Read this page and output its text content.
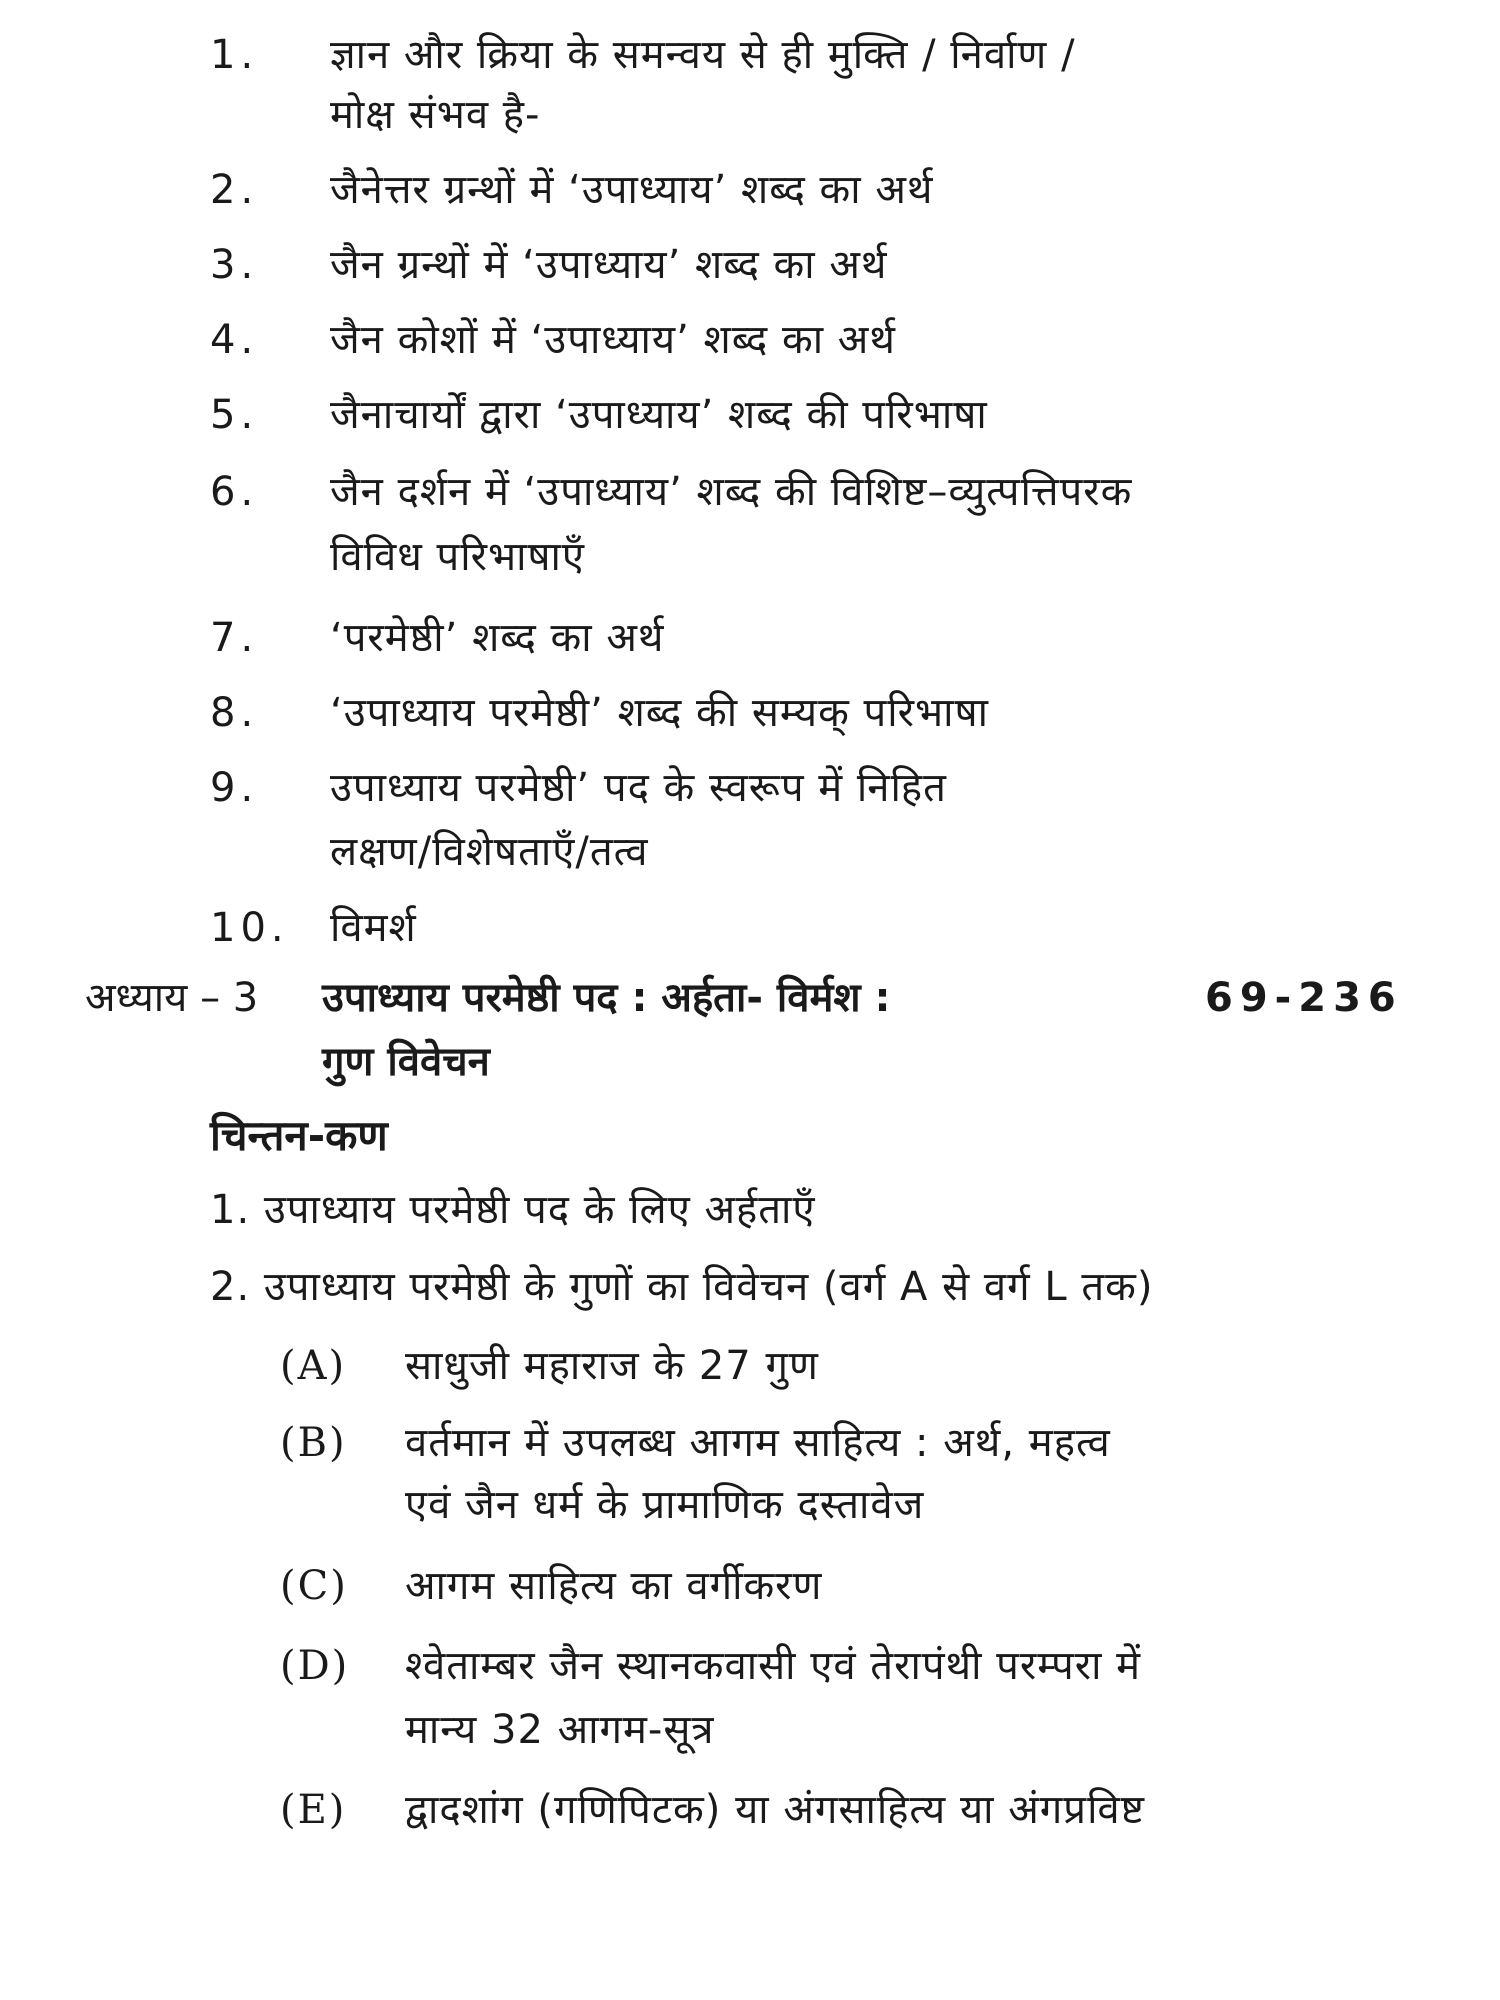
1. ज्ञान और क्रिया के समन्वय से ही मुक्ति / निर्वाण /
मोक्ष संभव है-
2. जैनेत्तर ग्रन्थों में ‘उपाध्याय’ शब्द का अर्थ
3. जैन ग्रन्थों में ‘उपाध्याय’ शब्द का अर्थ
4. जैन कोशों में ‘उपाध्याय’ शब्द का अर्थ
5. जैनाचार्यों द्वारा ‘उपाध्याय’ शब्द की परिभाषा
6. जैन दर्शन में ‘उपाध्याय’ शब्द की विशिष्ट–व्युत्पत्तिपरक
विविध परिभाषाएँ
7. ‘परमेष्ठी’ शब्द का अर्थ
8. ‘उपाध्याय परमेष्ठी’ शब्द की सम्यक् परिभाषा
9. उपाध्याय परमेष्ठी’ पद के स्वरूप में निहित
लक्षण/विशेषताएँ/तत्व
10. विमर्श
अध्याय – 3 उपाध्याय परमेष्ठी पद : अर्हता- विर्मश :	69-236
गुण विवेचन
चिन्तन-कण
1. उपाध्याय परमेष्ठी पद के लिए अर्हताएँ
2. उपाध्याय परमेष्ठी के गुणों का विवेचन (वर्ग A से वर्ग L तक)
(A) साधुजी महाराज के 27 गुण
(B) वर्तमान में उपलब्ध आगम साहित्य : अर्थ, महत्व
एवं जैन धर्म के प्रामाणिक दस्तावेज
(C) आगम साहित्य का वर्गीकरण
(D) श्वेताम्बर जैन स्थानकवासी एवं तेरापंथी परम्परा में
मान्य 32 आगम-सूत्र
(E) द्वादशांग (गणिपिटक) या अंगसाहित्य या अंगप्रविष्ट
